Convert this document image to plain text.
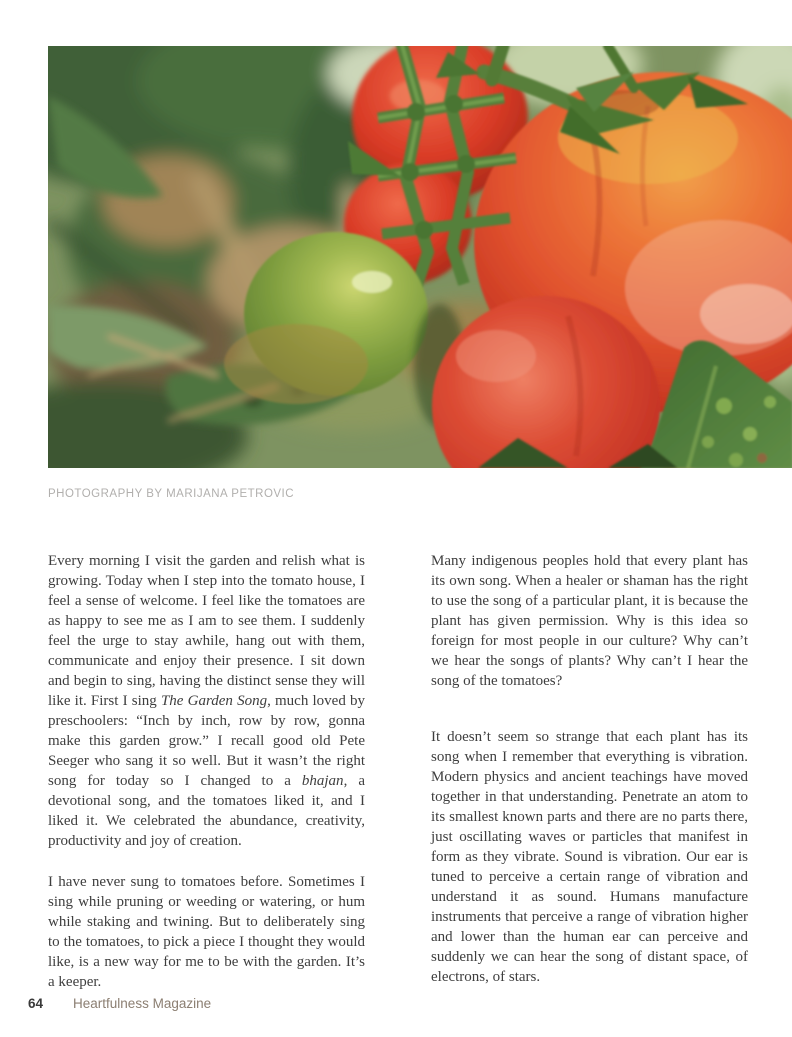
PHOTOGRAPHY BY MARIJANA PETROVIC

Every morning I visit the garden and relish what is growing. Today when I step into the tomato house, I feel a sense of welcome. I feel like the tomatoes are as happy to see me as I am to see them. I suddenly feel the urge to stay awhile, hang out with them, communicate and enjoy their presence. I sit down and begin to sing, having the distinct sense they will like it. First I sing The Garden Song, much loved by preschoolers: “Inch by inch, row by row, gonna make this garden grow.” I recall good old Pete Seeger who sang it so well. But it wasn’t the right song for today so I changed to a bhajan, a devotional song, and the tomatoes liked it, and I liked it. We celebrated the abundance, creativity, productivity and joy of creation.

I have never sung to tomatoes before. Sometimes I sing while pruning or weeding or watering, or hum while staking and twining. But to deliberately sing to the tomatoes, to pick a piece I thought they would like, is a new way for me to be with the garden. It’s a keeper.

Many indigenous peoples hold that every plant has its own song. When a healer or shaman has the right to use the song of a particular plant, it is because the plant has given permission. Why is this idea so foreign for most people in our culture? Why can’t we hear the songs of plants? Why can’t I hear the song of the tomatoes?

It doesn’t seem so strange that each plant has its song when I remember that everything is vibration. Modern physics and ancient teachings have moved together in that understanding. Penetrate an atom to its smallest known parts and there are no parts there, just oscillating waves or particles that manifest in form as they vibrate. Sound is vibration. Our ear is tuned to perceive a certain range of vibration and understand it as sound. Humans manufacture instruments that perceive a range of vibration higher and lower than the human ear can perceive and suddenly we can hear the song of distant space, of electrons, of stars.

64 Heartfulness Magazine
